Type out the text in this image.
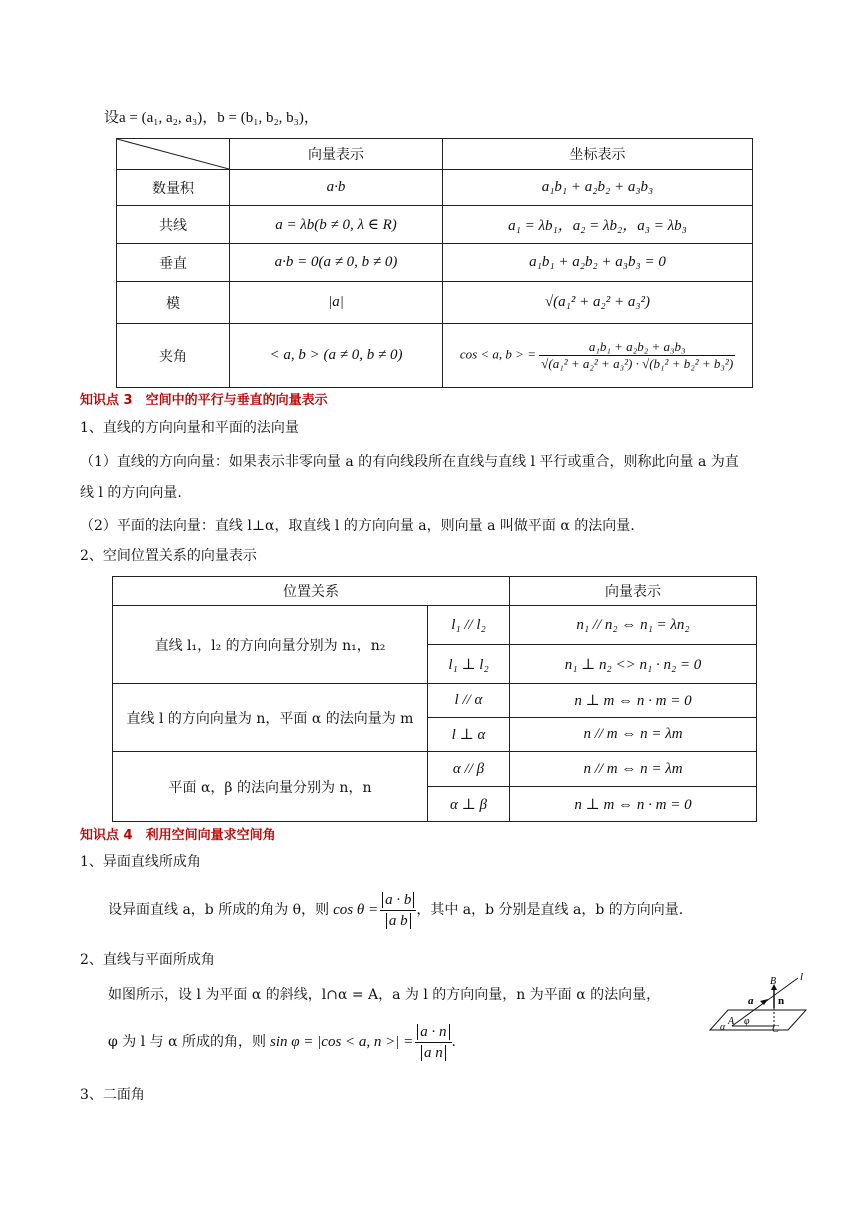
设a = (a₁, a₂, a₃)，b = (b₁, b₂, b₃)，
	向量表示	坐标表示
数量积	a·b	a₁b₁ + a₂b₂ + a₃b₃
共线	a = λb(b ≠ 0, λ ∈ R)	a₁ = λb₁，a₂ = λb₂，a₃ = λb₃
垂直	a·b = 0(a ≠ 0, b ≠ 0)	a₁b₁ + a₂b₂ + a₃b₃ = 0
模	|a|	√(a₁² + a₂² + a₃²)
夹角	< a, b > (a ≠ 0, b ≠ 0)	cos < a, b > = $\frac{\text{a₁b₁ + a₂b₂ + a₃b₃}}{\text{√(a₁² + a₂² + a₃²) · √(b₁² + b₂² + b₃²)}}$
知识点 3　空间中的平行与垂直的向量表示
1、直线的方向向量和平面的法向量
（1）直线的方向向量：如果表示非零向量 a 的有向线段所在直线与直线 l 平行或重合，则称此向量 a 为直
线 l 的方向向量.
（2）平面的法向量：直线 l⊥α，取直线 l 的方向向量 a，则向量 a 叫做平面 α 的法向量.
2、空间位置关系的向量表示
位置关系		向量表示
直线 l₁，l₂ 的方向向量分别为 n₁，n₂	l₁ // l₂	n₁ // n₂ ⇔ n₁ = λn₂
	l₁ ⊥ l₂	n₁ ⊥ n₂ <> n₁ · n₂ = 0
直线 l 的方向向量为 n，平面 α 的法向量为 m	l // α	n ⊥ m ⇔ n · m = 0
	l ⊥ α	n // m ⇔ n = λm
平面 α，β 的法向量分别为 n，n	α // β	n // m ⇔ n = λm
	α ⊥ β	n ⊥ m ⇔ n · m = 0
知识点 4　利用空间向量求空间角
1、异面直线所成角
设异面直线 a，b 所成的角为 θ，则 $\cos \theta = \frac{a \cdot b}{\text{a b}}$ ，其中 a，b 分别是直线 a，b 的方向向量.
2、直线与平面所成角
如图所示，设 l 为平面 α 的斜线，l∩α = A，a 为 l 的方向向量，n 为平面 α 的法向量，
φ 为 l 与 α 所成的角，则 sin φ = |cos < a, n >| = $\frac{a \cdot n}{\text{a n}}$ .
l
B
a n
A φ
C
α
3、二面角
